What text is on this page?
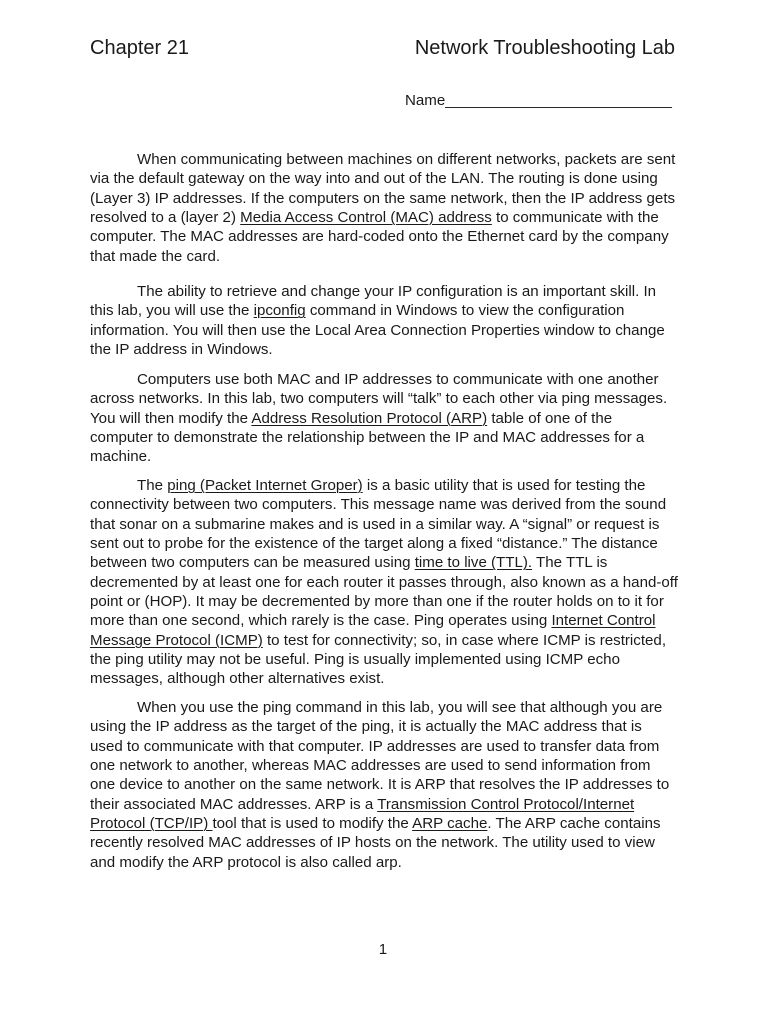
Chapter 21	Network Troubleshooting Lab
Name___________________________
When communicating between machines on different networks, packets are sent
via the default gateway on the way into and out of the LAN. The routing is done using
(Layer 3) IP addresses. If the computers on the same network, then the IP address gets
resolved to a (layer 2) Media Access Control (MAC) address to communicate with the
computer. The MAC addresses are hard-coded onto the Ethernet card by the company
that made the card.
The ability to retrieve and change your IP configuration is an important skill. In
this lab, you will use the ipconfig command in Windows to view the configuration
information. You will then use the Local Area Connection Properties window to change
the IP address in Windows.
Computers use both MAC and IP addresses to communicate with one another
across networks. In this lab, two computers will “talk” to each other via ping messages.
You will then modify the Address Resolution Protocol (ARP) table of one of the
computer to demonstrate the relationship between the IP and MAC addresses for a
machine.
The ping (Packet Internet Groper) is a basic utility that is used for testing the
connectivity between two computers. This message name was derived from the sound
that sonar on a submarine makes and is used in a similar way. A “signal” or request is
sent out to probe for the existence of the target along a fixed “distance.” The distance
between two computers can be measured using time to live (TTL). The TTL is
decremented by at least one for each router it passes through, also known as a hand-off
point or (HOP). It may be decremented by more than one if the router holds on to it for
more than one second, which rarely is the case. Ping operates using Internet Control
Message Protocol (ICMP) to test for connectivity; so, in case where ICMP is restricted,
the ping utility may not be useful. Ping is usually implemented using ICMP echo
messages, although other alternatives exist.
When you use the ping command in this lab, you will see that although you are
using the IP address as the target of the ping, it is actually the MAC address that is
used to communicate with that computer. IP addresses are used to transfer data from
one network to another, whereas MAC addresses are used to send information from
one device to another on the same network. It is ARP that resolves the IP addresses to
their associated MAC addresses. ARP is a Transmission Control Protocol/Internet
Protocol (TCP/IP) tool that is used to modify the ARP cache. The ARP cache contains
recently resolved MAC addresses of IP hosts on the network. The utility used to view
and modify the ARP protocol is also called arp.
1
